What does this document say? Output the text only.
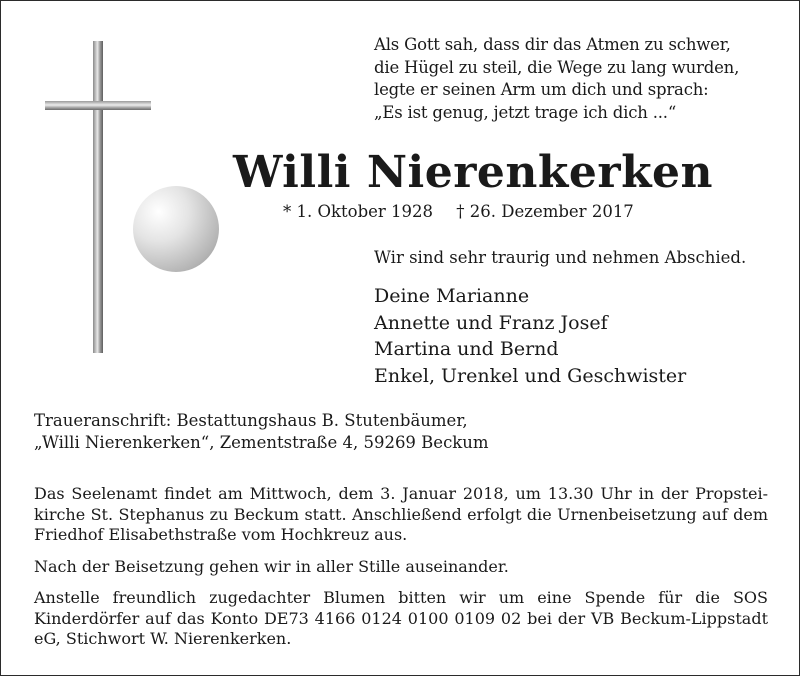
Als Gott sah, dass dir das Atmen zu schwer,
die Hügel zu steil, die Wege zu lang wurden,
legte er seinen Arm um dich und sprach:
„Es ist genug, jetzt trage ich dich ...“
Willi Nierenkerken
* 1. Oktober 1928 † 26. Dezember 2017
Wir sind sehr traurig und nehmen Abschied.
Deine Marianne
Annette und Franz Josef
Martina und Bernd
Enkel, Urenkel und Geschwister
Traueranschrift: Bestattungshaus B. Stutenbäumer,
„Willi Nierenkerken“, Zementstraße 4, 59269 Beckum

Das Seelenamt findet am Mittwoch, dem 3. Januar 2018, um 13.30 Uhr in der Propstei-kirche St. Stephanus zu Beckum statt. Anschließend erfolgt die Urnenbeisetzung auf dem Friedhof Elisabethstraße vom Hochkreuz aus.

Nach der Beisetzung gehen wir in aller Stille auseinander.

Anstelle freundlich zugedachter Blumen bitten wir um eine Spende für die SOS Kinderdörfer auf das Konto DE73 4166 0124 0100 0109 02 bei der VB Beckum-Lippstadt eG, Stichwort W. Nierenkerken.
